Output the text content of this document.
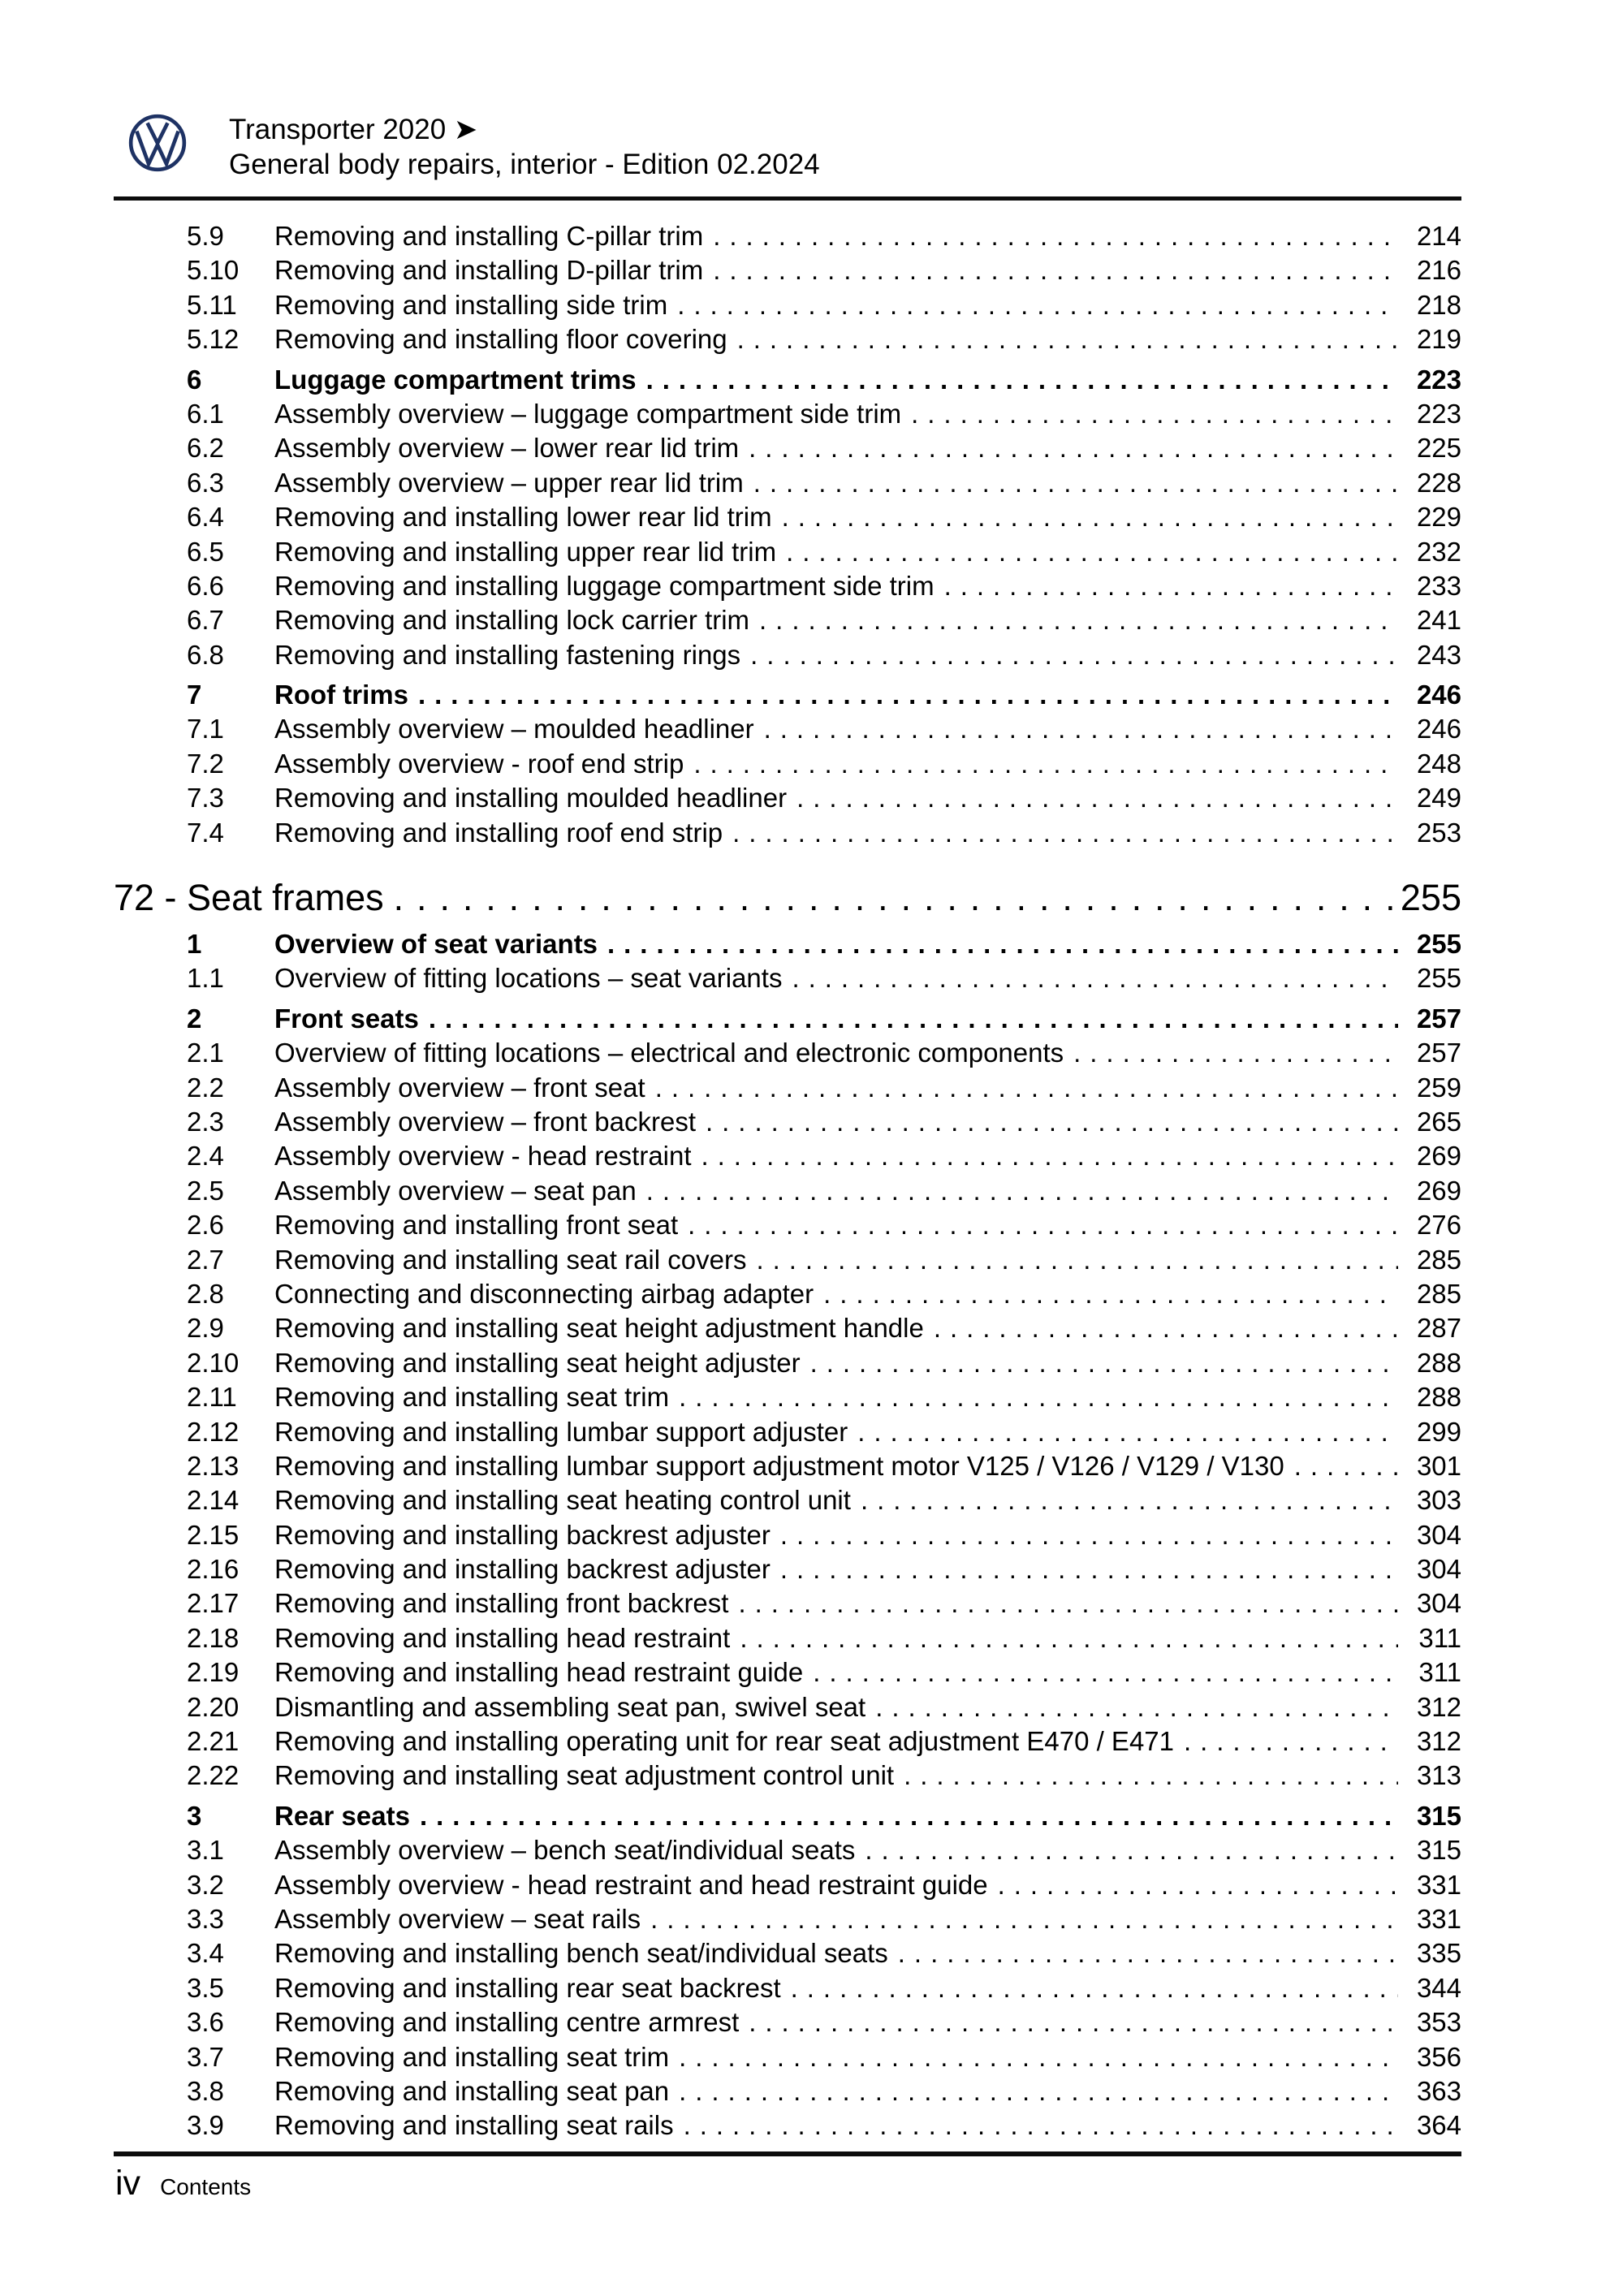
Transporter 2020 ➤
General body repairs, interior - Edition 02.2024
5.9	Removing and installing C-pillar trim . . .	214
5.10	Removing and installing D-pillar trim . . .	216
5.11	Removing and installing side trim . . .	218
5.12	Removing and installing floor covering . . .	219
6	Luggage compartment trims . . .	223
6.1	Assembly overview – luggage compartment side trim . . .	223
6.2	Assembly overview – lower rear lid trim . . .	225
6.3	Assembly overview – upper rear lid trim . . .	228
6.4	Removing and installing lower rear lid trim . . .	229
6.5	Removing and installing upper rear lid trim . . .	232
6.6	Removing and installing luggage compartment side trim . . .	233
6.7	Removing and installing lock carrier trim . . .	241
6.8	Removing and installing fastening rings . . .	243
7	Roof trims . . .	246
7.1	Assembly overview – moulded headliner . . .	246
7.2	Assembly overview - roof end strip . . .	248
7.3	Removing and installing moulded headliner . . .	249
7.4	Removing and installing roof end strip . . .	253
72 - Seat frames . . .	255
1	Overview of seat variants . . .	255
1.1	Overview of fitting locations – seat variants . . .	255
2	Front seats . . .	257
2.1	Overview of fitting locations – electrical and electronic components . . .	257
2.2	Assembly overview – front seat . . .	259
2.3	Assembly overview – front backrest . . .	265
2.4	Assembly overview - head restraint . . .	269
2.5	Assembly overview – seat pan . . .	269
2.6	Removing and installing front seat . . .	276
2.7	Removing and installing seat rail covers . . .	285
2.8	Connecting and disconnecting airbag adapter . . .	285
2.9	Removing and installing seat height adjustment handle . . .	287
2.10	Removing and installing seat height adjuster . . .	288
2.11	Removing and installing seat trim . . .	288
2.12	Removing and installing lumbar support adjuster . . .	299
2.13	Removing and installing lumbar support adjustment motor V125 / V126 / V129 / V130 . . .	301
2.14	Removing and installing seat heating control unit . . .	303
2.15	Removing and installing backrest adjuster . . .	304
2.16	Removing and installing backrest adjuster . . .	304
2.17	Removing and installing front backrest . . .	304
2.18	Removing and installing head restraint . . .	311
2.19	Removing and installing head restraint guide . . .	311
2.20	Dismantling and assembling seat pan, swivel seat . . .	312
2.21	Removing and installing operating unit for rear seat adjustment E470 / E471 . . .	312
2.22	Removing and installing seat adjustment control unit . . .	313
3	Rear seats . . .	315
3.1	Assembly overview – bench seat/individual seats . . .	315
3.2	Assembly overview - head restraint and head restraint guide . . .	331
3.3	Assembly overview – seat rails . . .	331
3.4	Removing and installing bench seat/individual seats . . .	335
3.5	Removing and installing rear seat backrest . . .	344
3.6	Removing and installing centre armrest . . .	353
3.7	Removing and installing seat trim . . .	356
3.8	Removing and installing seat pan . . .	363
3.9	Removing and installing seat rails . . .	364
iv Contents
